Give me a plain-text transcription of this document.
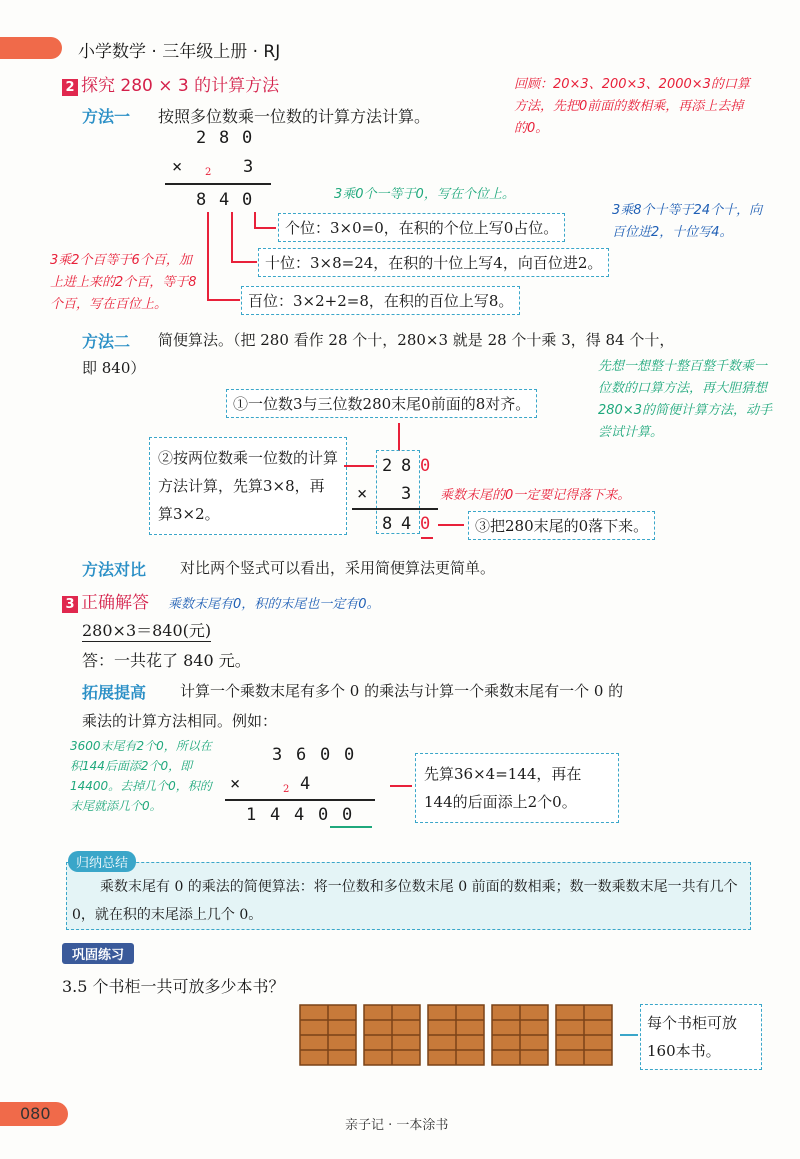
小学数学 · 三年级上册 · RJ
2 探究 280 × 3 的计算方法
方法一 按照多位数乘一位数的计算方法计算。
2 8 0
× 2 3
8 4 0
个位：3×0=0，在积的个位上写0占位。
十位：3×8=24，在积的十位上写4，向百位进2。
百位：3×2+2=8，在积的百位上写8。
方法二 简便算法。（把 280 看作 28 个十，280×3 就是 28 个十乘 3，得 84 个十，
即 840）
①一位数3与三位数280末尾0前面的8对齐。
②按两位数乘一位数的计算方法计算，先算3×8，再算3×2。
2 8 0
× 3
8 4 0	③把280末尾的0落下来。
方法对比 对比两个竖式可以看出，采用简便算法更简单。
3 正确解答
280×3＝840(元)
答：一共花了 840 元。
拓展提高 计算一个乘数末尾有多个 0 的乘法与计算一个乘数末尾有一个 0 的
乘法的计算方法相同。例如：
3 6 0 0
×	2 4
1 4 4 0 0
先算36×4=144，再在144的后面添上2个0。
归纳总结
乘数末尾有 0 的乘法的简便算法：将一位数和多位数末尾 0 前面的数相乘；数一数乘数末尾一共有几个 0，就在积的末尾添上几个 0。
巩固练习
3.5 个书柜一共可放多少本书？
每个书柜可放160本书。
回顾：20×3、200×3、2000×3的口算方法，先把0前面的数相乘，再添上去掉的0。
3乘0个一等于0，写在个位上。
3乘8个十等于24个十，向百位进2，十位写4。
3乘2个百等于6个百，加上进上来的2个百，等于8个百，写在百位上。
先想一想整十整百整千数乘一位数的口算方法，再大胆猜想280×3的简便计算方法，动手尝试计算。
乘数末尾的0一定要记得落下来。
乘数末尾有0，积的末尾也一定有0。
3600末尾有2个0，所以在积144后面添2个0，即14400。去掉几个0，积的末尾就添几个0。
080
亲子记 · 一本涂书
